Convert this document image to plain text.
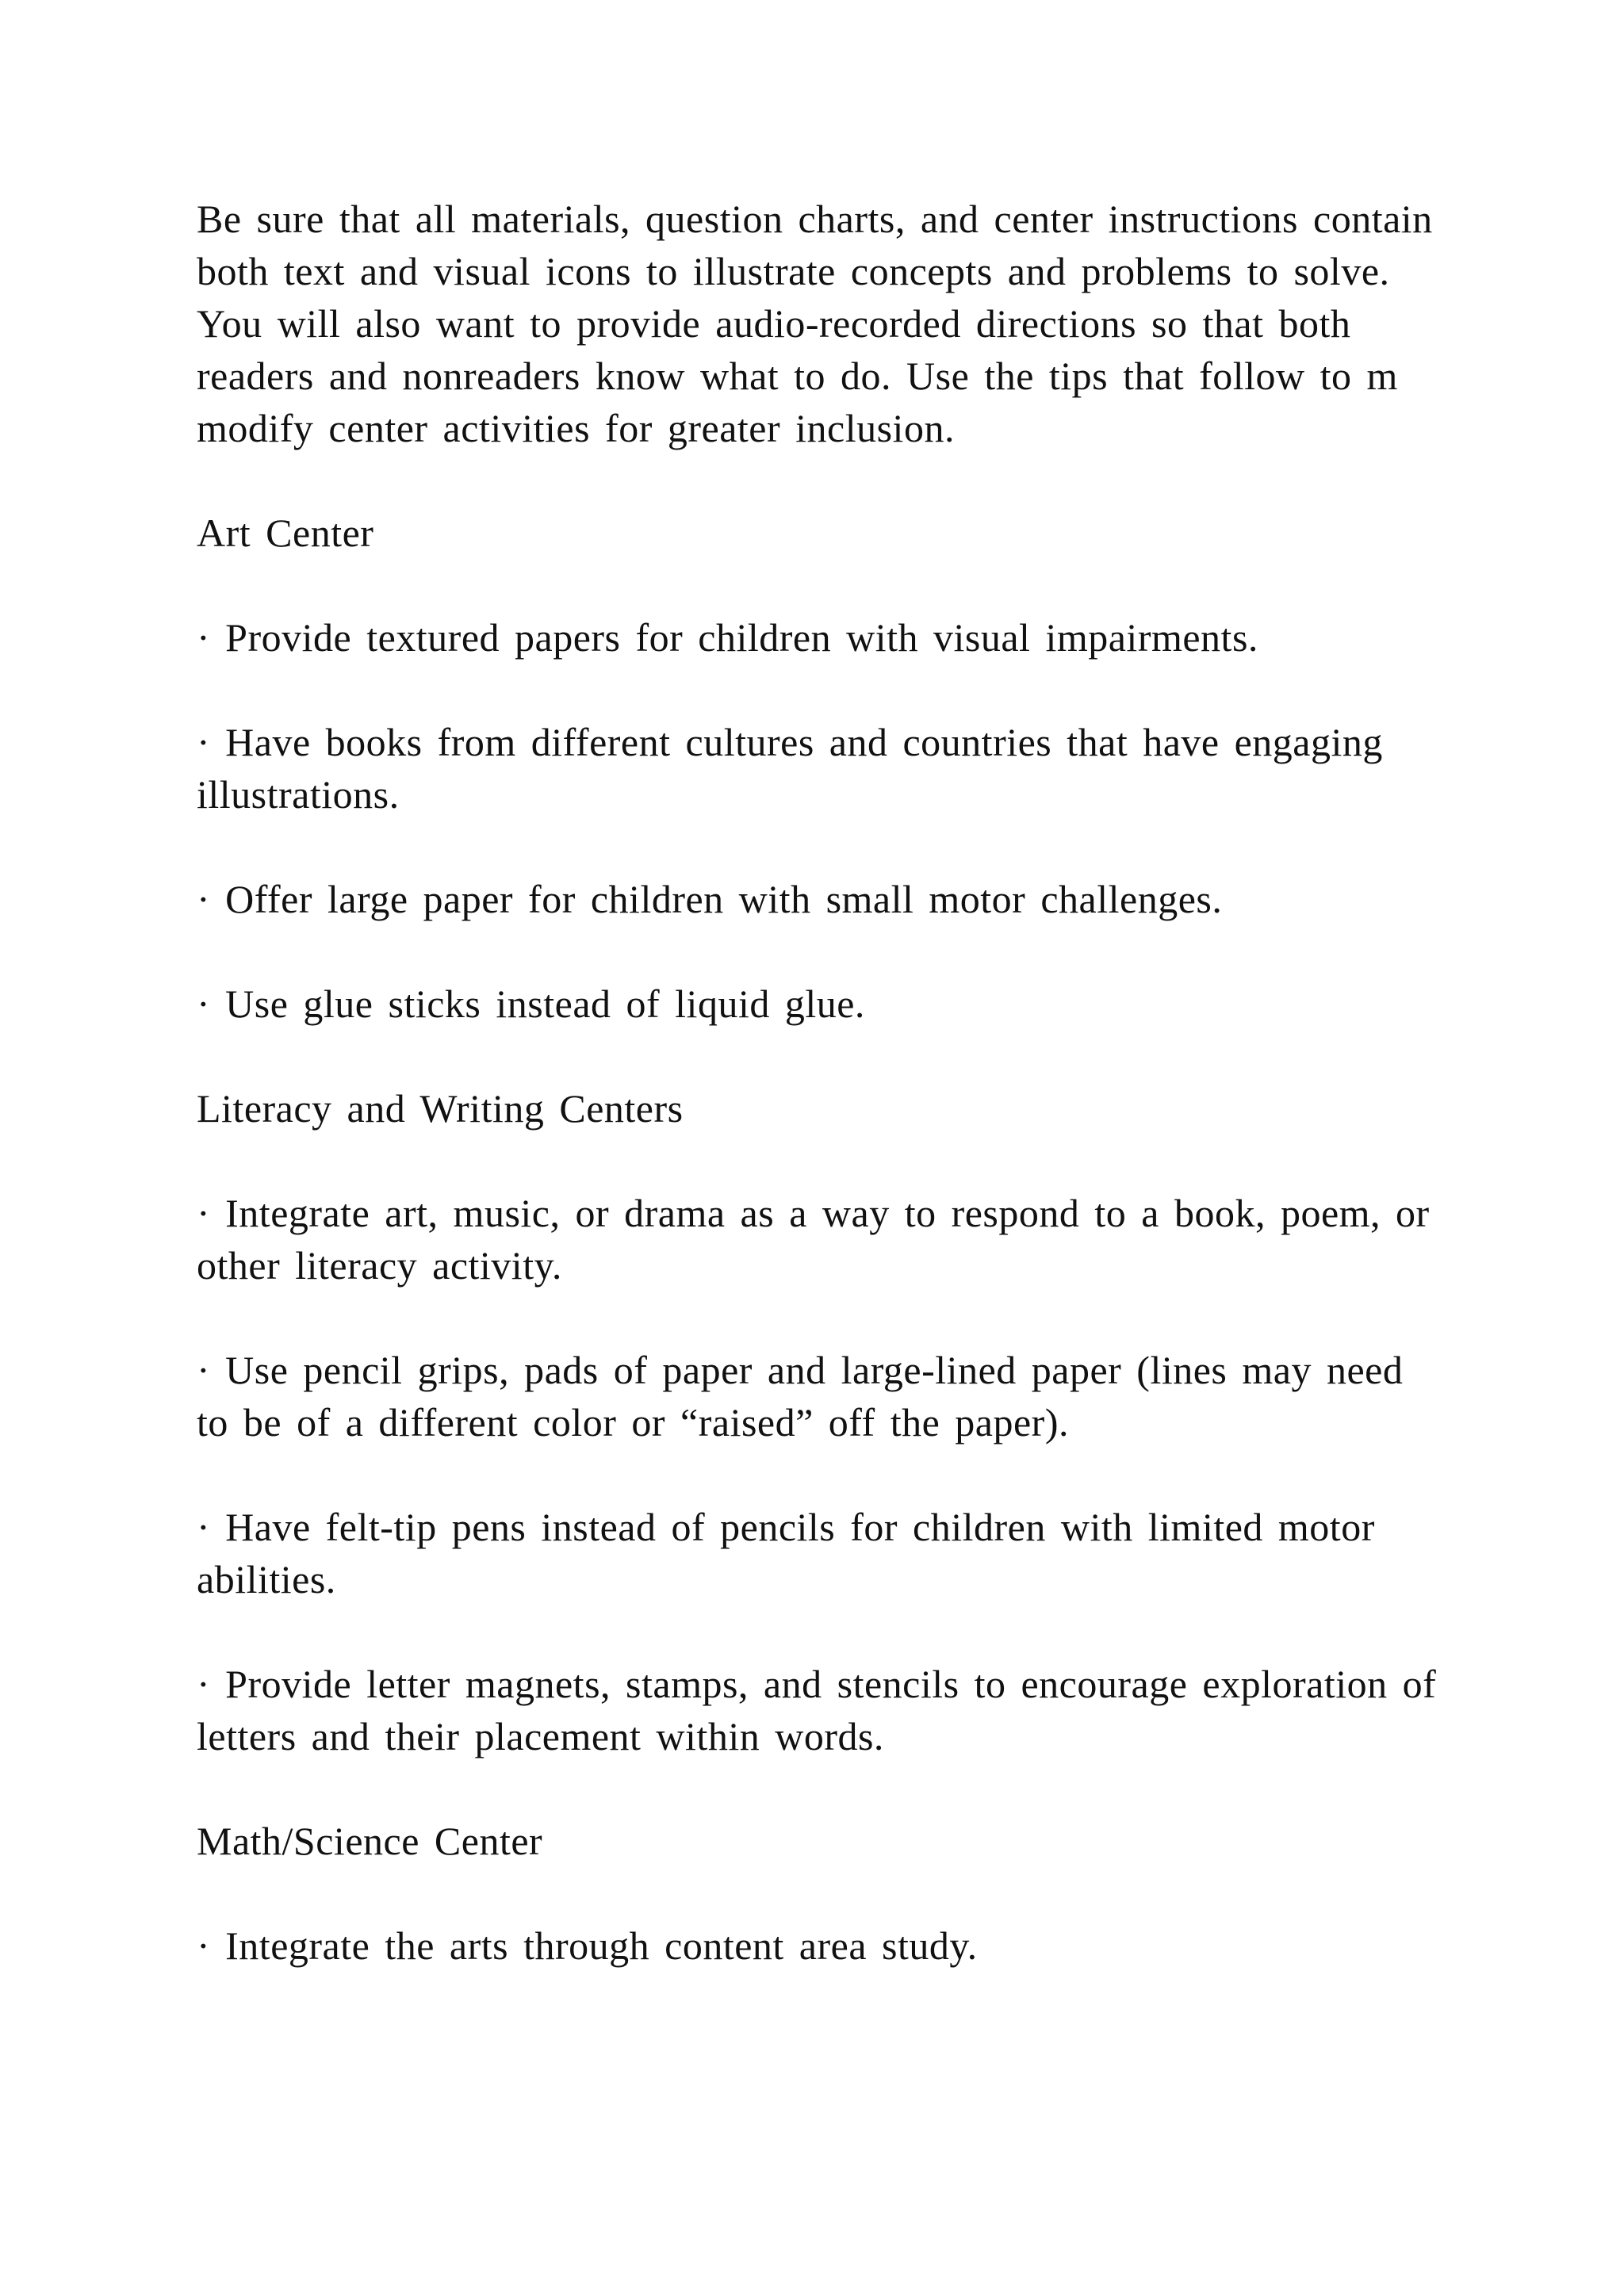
Be sure that all materials, question charts, and center instructions contain both text and visual icons to illustrate concepts and problems to solve. You will also want to provide audio-recorded directions so that both readers and nonreaders know what to do. Use the tips that follow to m modify center activities for greater inclusion.

Art Center

· Provide textured papers for children with visual impairments.

· Have books from different cultures and countries that have engaging illustrations.

· Offer large paper for children with small motor challenges.

· Use glue sticks instead of liquid glue.

Literacy and Writing Centers

· Integrate art, music, or drama as a way to respond to a book, poem, or other literacy activity.

· Use pencil grips, pads of paper and large-lined paper (lines may need to be of a different color or “raised” off the paper).

· Have felt-tip pens instead of pencils for children with limited motor abilities.

· Provide letter magnets, stamps, and stencils to encourage exploration of letters and their placement within words.

Math/Science Center

· Integrate the arts through content area study.
